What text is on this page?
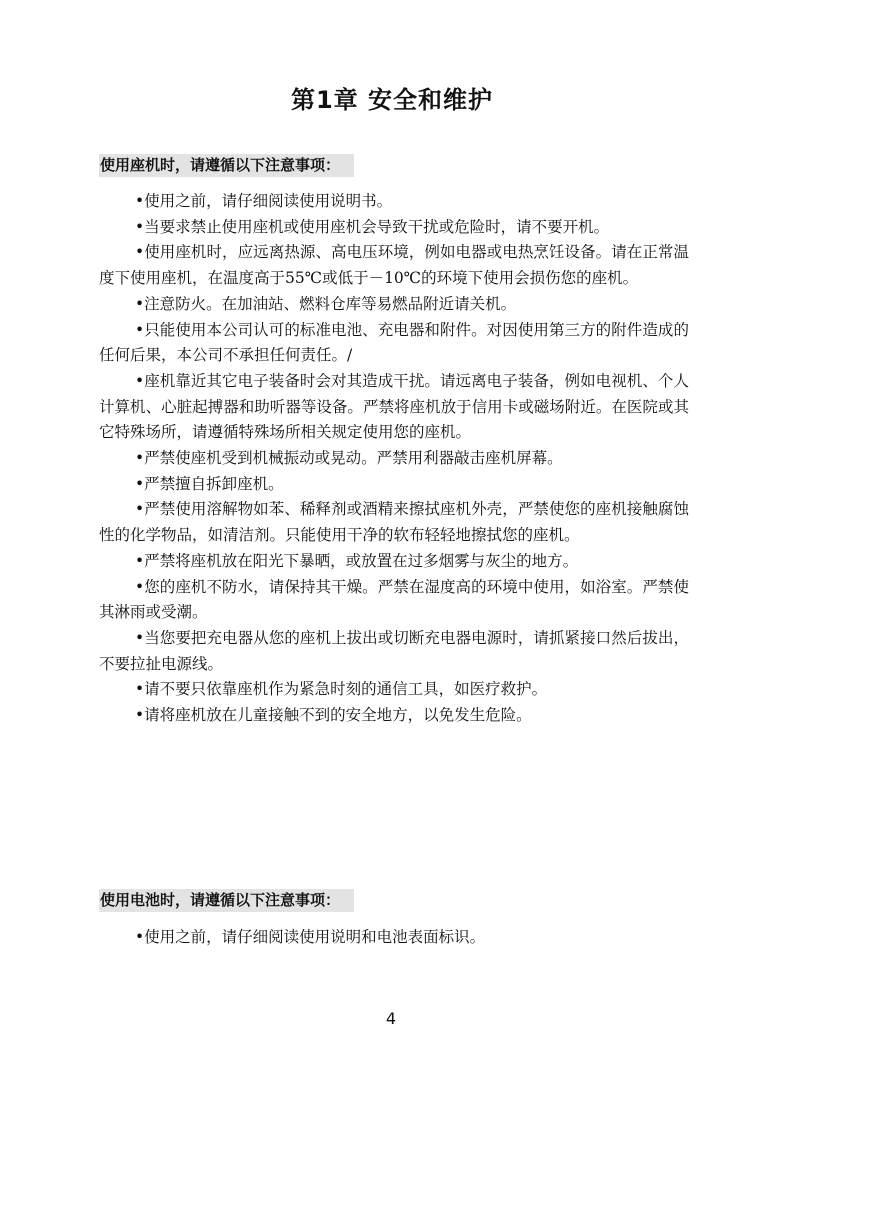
第1章 安全和维护
使用座机时，请遵循以下注意事项：

•使用之前，请仔细阅读使用说明书。

•当要求禁止使用座机或使用座机会导致干扰或危险时，请不要开机。

•使用座机时，应远离热源、高电压环境，例如电器或电热烹饪设备。请在正常温度下使用座机，在温度高于55℃或低于－10℃的环境下使用会损伤您的座机。

•注意防火。在加油站、燃料仓库等易燃品附近请关机。

•只能使用本公司认可的标准电池、充电器和附件。对因使用第三方的附件造成的任何后果，本公司不承担任何责任。/

•座机靠近其它电子装备时会对其造成干扰。请远离电子装备，例如电视机、个人计算机、心脏起搏器和助听器等设备。严禁将座机放于信用卡或磁场附近。在医院或其它特殊场所，请遵循特殊场所相关规定使用您的座机。

•严禁使座机受到机械振动或晃动。严禁用利器敲击座机屏幕。

•严禁擅自拆卸座机。

•严禁使用溶解物如苯、稀释剂或酒精来擦拭座机外壳，严禁使您的座机接触腐蚀性的化学物品，如清洁剂。只能使用干净的软布轻轻地擦拭您的座机。

•严禁将座机放在阳光下暴晒，或放置在过多烟雾与灰尘的地方。

•您的座机不防水，请保持其干燥。严禁在湿度高的环境中使用，如浴室。严禁使其淋雨或受潮。

•当您要把充电器从您的座机上拔出或切断充电器电源时，请抓紧接口然后拔出，不要拉扯电源线。

•请不要只依靠座机作为紧急时刻的通信工具，如医疗救护。

•请将座机放在儿童接触不到的安全地方，以免发生危险。

使用电池时，请遵循以下注意事项：

•使用之前，请仔细阅读使用说明和电池表面标识。

4
